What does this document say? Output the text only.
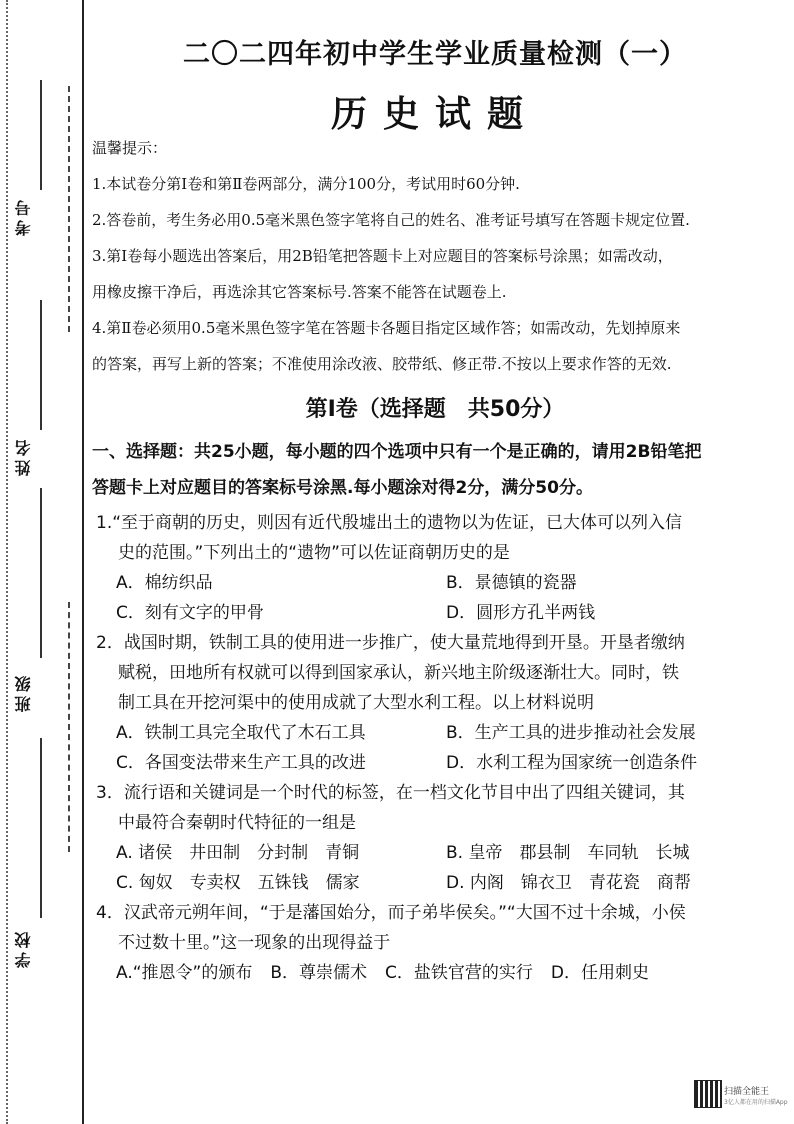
考号
姓名
班级
学校
二〇二四年初中学生学业质量检测（一）
历史试题

温馨提示：

1.本试卷分第Ⅰ卷和第Ⅱ卷两部分，满分100分，考试用时60分钟.

2.答卷前，考生务必用0.5毫米黑色签字笔将自己的姓名、准考证号填写在答题卡规定位置.

3.第Ⅰ卷每小题选出答案后，用2B铅笔把答题卡上对应题目的答案标号涂黑；如需改动，

用橡皮擦干净后，再选涂其它答案标号.答案不能答在试题卷上.

4.第Ⅱ卷必须用0.5毫米黑色签字笔在答题卡各题目指定区域作答；如需改动，先划掉原来

的答案，再写上新的答案；不准使用涂改液、胶带纸、修正带.不按以上要求作答的无效.

第Ⅰ卷（选择题　共50分）

一、选择题：共25小题，每小题的四个选项中只有一个是正确的，请用2B铅笔把

答题卡上对应题目的答案标号涂黑.每小题涂对得2分，满分50分。

1.“至于商朝的历史，则因有近代殷墟出土的遗物以为佐证，已大体可以列入信

史的范围。”下列出土的“遗物”可以佐证商朝历史的是

A．棉纺织品	B．景德镇的瓷器
C．刻有文字的甲骨	D．圆形方孔半两钱

2．战国时期，铁制工具的使用进一步推广，使大量荒地得到开垦。开垦者缴纳

赋税，田地所有权就可以得到国家承认，新兴地主阶级逐渐壮大。同时，铁

制工具在开挖河渠中的使用成就了大型水利工程。以上材料说明

A．铁制工具完全取代了木石工具	B．生产工具的进步推动社会发展
C．各国变法带来生产工具的改进	D．水利工程为国家统一创造条件

3．流行语和关键词是一个时代的标签，在一档文化节目中出了四组关键词，其

中最符合秦朝时代特征的一组是

A. 诸侯　井田制　分封制　青铜	B. 皇帝　郡县制　车同轨　长城
C. 匈奴　专卖权　五铢钱　儒家	D. 内阁　锦衣卫　青花瓷　商帮

4．汉武帝元朔年间，“于是藩国始分，而子弟毕侯矣。”“大国不过十余城，小侯

不过数十里。”这一现象的出现得益于

A.“推恩令”的颁布 B．尊崇儒术 C．盐铁官营的实行 D．任用刺史
扫描全能王
3亿人都在用的扫描App
